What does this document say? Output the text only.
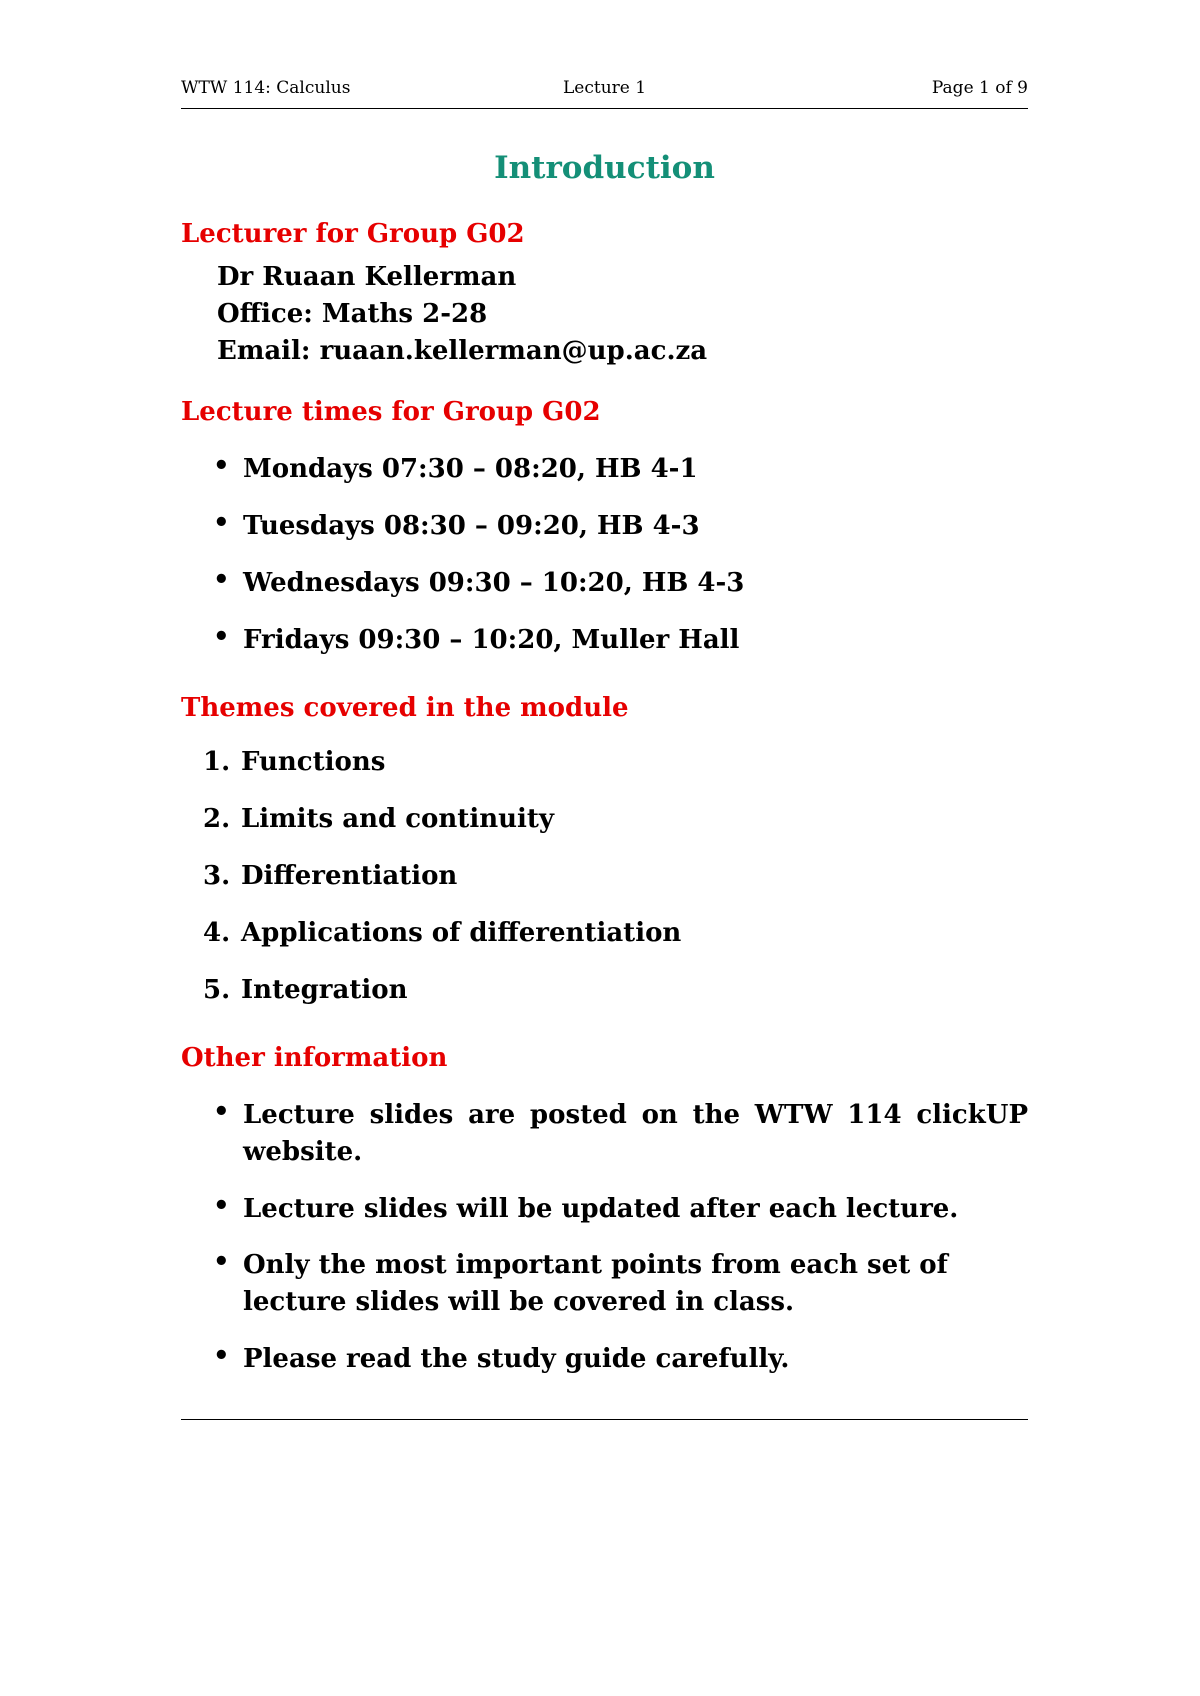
WTW 114: Calculus	Lecture 1	Page 1 of 9
Introduction
Lecturer for Group G02
Dr Ruaan Kellerman
Office: Maths 2-28
Email: ruaan.kellerman@up.ac.za
Lecture times for Group G02
• Mondays 07:30 – 08:20, HB 4-1
• Tuesdays 08:30 – 09:20, HB 4-3
• Wednesdays 09:30 – 10:20, HB 4-3
• Fridays 09:30 – 10:20, Muller Hall
Themes covered in the module
1. Functions
2. Limits and continuity
3. Differentiation
4. Applications of differentiation
5. Integration
Other information
• Lecture slides are posted on the WTW 114 clickUP website.
• Lecture slides will be updated after each lecture.
• Only the most important points from each set of lecture slides will be covered in class.
• Please read the study guide carefully.
